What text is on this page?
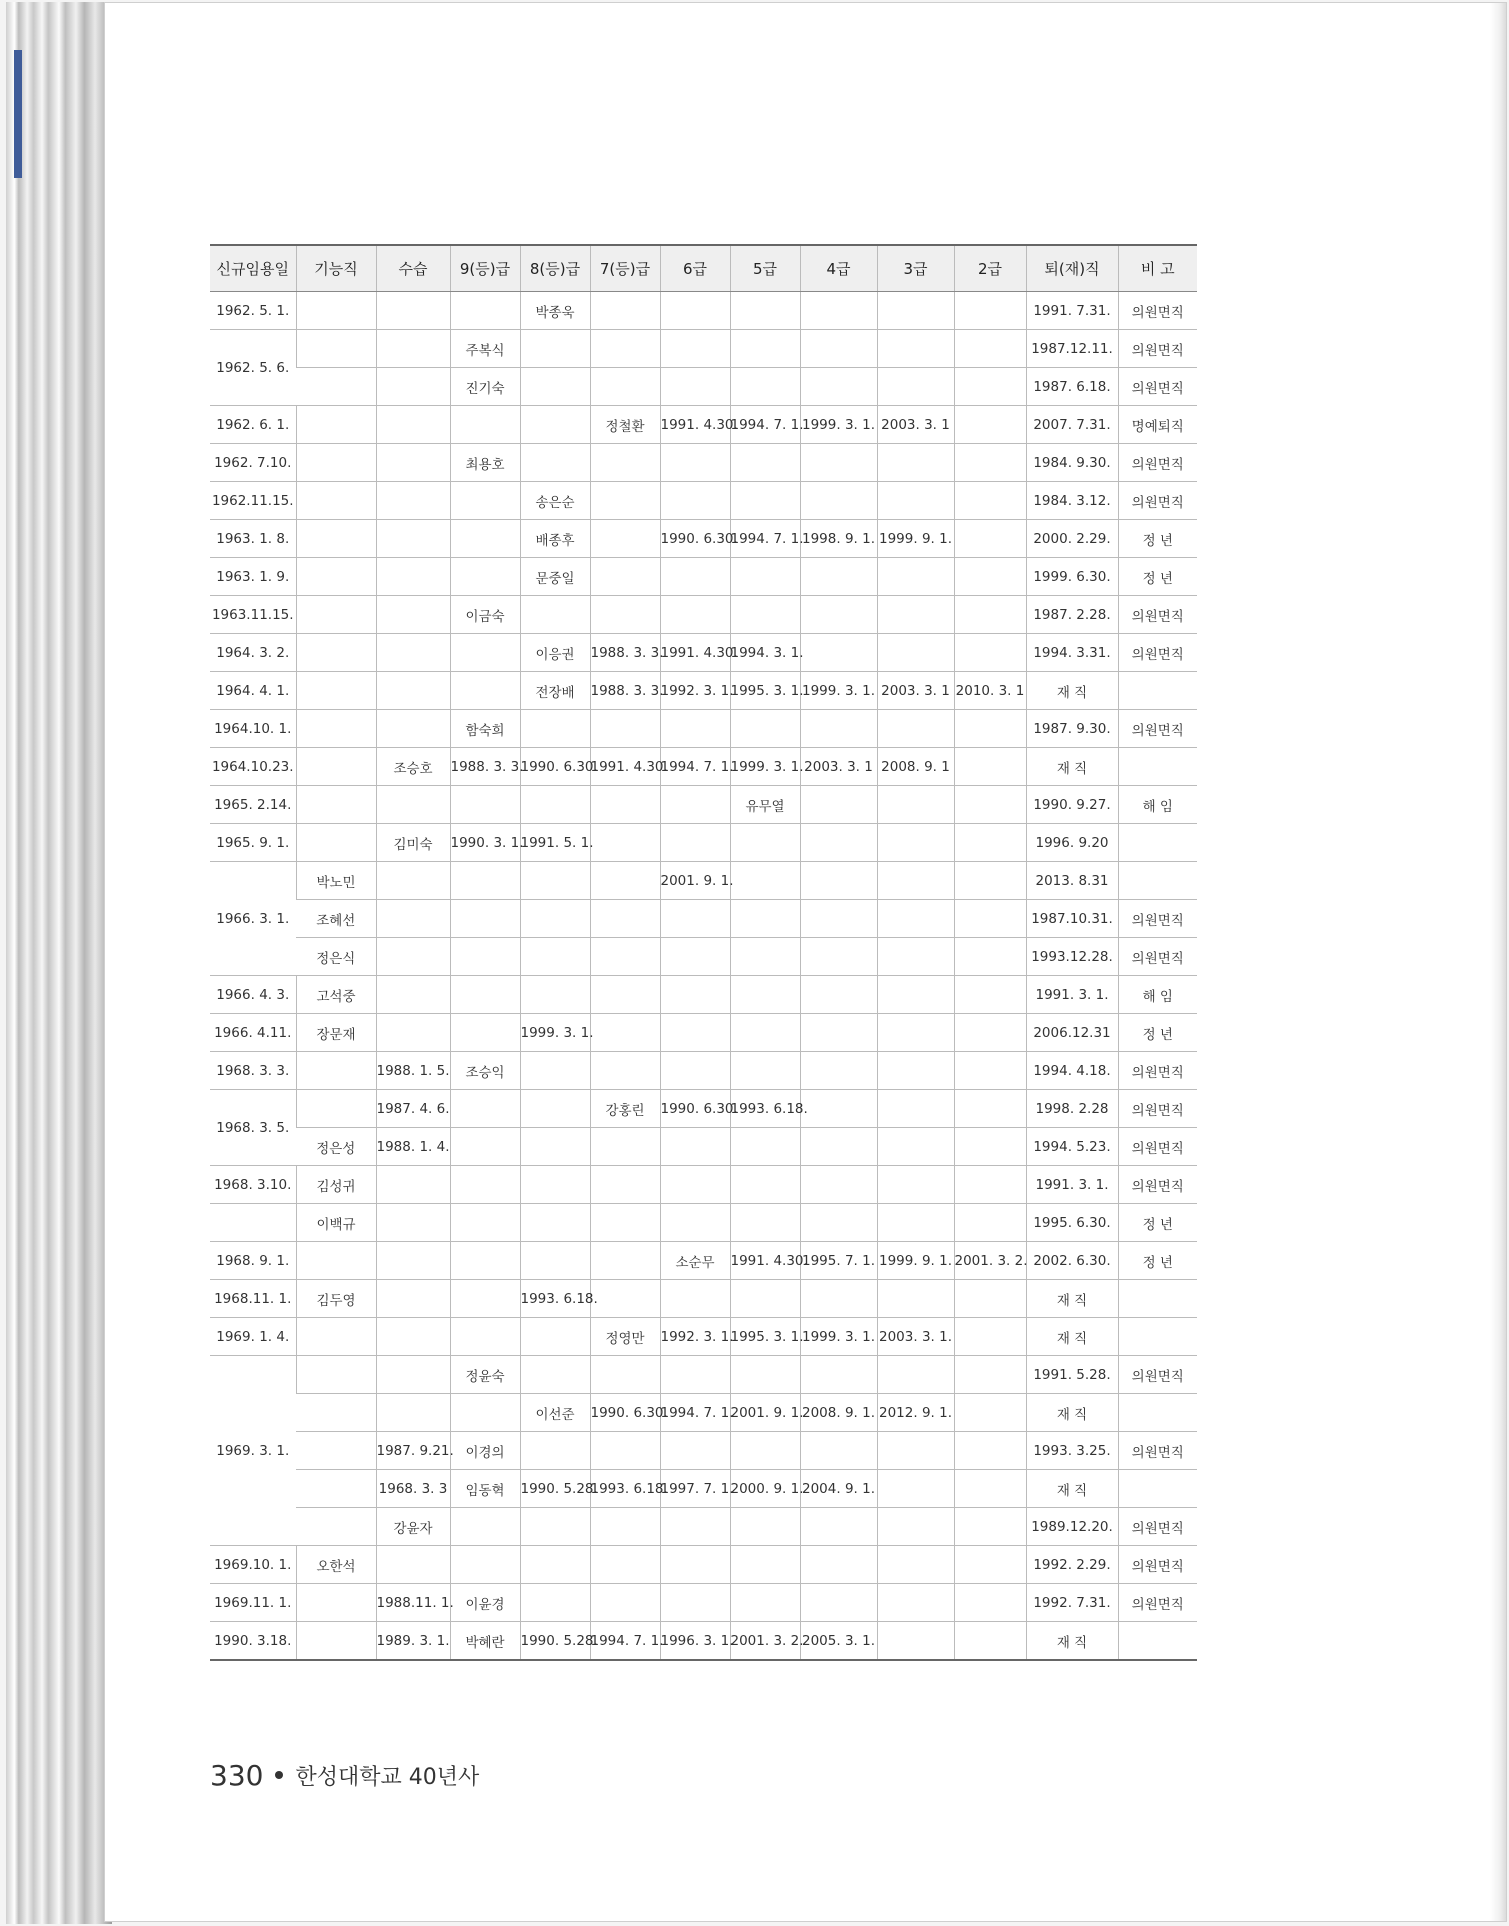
신규임용일	기능직	수습	9(등)급	8(등)급	7(등)급	6급	5급	4급	3급	2급	퇴(재)직	비 고
1962. 5. 1.				박종욱							1991. 7.31.	의원면직
1962. 5. 6.			주복식								1987.12.11.	의원면직
			진기숙								1987. 6.18.	의원면직
1962. 6. 1.					정철환	1991. 4.30.	1994. 7. 1.	1999. 3. 1.	2003. 3. 1		2007. 7.31.	명예퇴직
1962. 7.10.			최용호								1984. 9.30.	의원면직
1962.11.15.				송은순							1984. 3.12.	의원면직
1963. 1. 8.				배종후		1990. 6.30.	1994. 7. 1.	1998. 9. 1.	1999. 9. 1.		2000. 2.29.	정 년
1963. 1. 9.				문중일							1999. 6.30.	정 년
1963.11.15.			이금숙								1987. 2.28.	의원면직
1964. 3. 2.				이응권	1988. 3. 3.	1991. 4.30.	1994. 3. 1.				1994. 3.31.	의원면직
1964. 4. 1.				전장배	1988. 3. 3.	1992. 3. 1.	1995. 3. 1.	1999. 3. 1.	2003. 3. 1	2010. 3. 1	재 직	
1964.10. 1.			함숙희								1987. 9.30.	의원면직
1964.10.23.		조승호	1988. 3. 3.	1990. 6.30.	1991. 4.30.	1994. 7. 1.	1999. 3. 1.	2003. 3. 1	2008. 9. 1		재 직	
1965. 2.14.							유무열				1990. 9.27.	해 임
1965. 9. 1.		김미숙	1990. 3. 1.	1991. 5. 1.							1996. 9.20	
1966. 3. 1.	박노민					2001. 9. 1.					2013. 8.31	
	조혜선										1987.10.31.	의원면직
	정은식										1993.12.28.	의원면직
1966. 4. 3.	고석중										1991. 3. 1.	해 임
1966. 4.11.	장문재			1999. 3. 1.							2006.12.31	정 년
1968. 3. 3.		1988. 1. 5.	조승익								1994. 4.18.	의원면직
1968. 3. 5.		1987. 4. 6.			강홍린	1990. 6.30.	1993. 6.18.				1998. 2.28	의원면직
	정은성	1988. 1. 4.									1994. 5.23.	의원면직
1968. 3.10.	김성귀										1991. 3. 1.	의원면직
	이백규										1995. 6.30.	정 년
1968. 9. 1.						소순무	1991. 4.30.	1995. 7. 1.	1999. 9. 1.	2001. 3. 2.	2002. 6.30.	정 년
1968.11. 1.	김두영			1993. 6.18.							재 직	
1969. 1. 4.					정영만	1992. 3. 1.	1995. 3. 1.	1999. 3. 1.	2003. 3. 1.		재 직	
1969. 3. 1.			정윤숙								1991. 5.28.	의원면직
				이선준	1990. 6.30.	1994. 7. 1.	2001. 9. 1.	2008. 9. 1.	2012. 9. 1.		재 직	
		1987. 9.21.	이경의								1993. 3.25.	의원면직
		1968. 3. 3	임동혁	1990. 5.28.	1993. 6.18.	1997. 7. 1.	2000. 9. 1.	2004. 9. 1.			재 직	
		강윤자									1989.12.20.	의원면직
1969.10. 1.	오한석										1992. 2.29.	의원면직
1969.11. 1.		1988.11. 1.	이윤경								1992. 7.31.	의원면직
1990. 3.18.		1989. 3. 1.	박혜란	1990. 5.28.	1994. 7. 1.	1996. 3. 1.	2001. 3. 2.	2005. 3. 1.			재 직	
330 한성대학교 40년사
